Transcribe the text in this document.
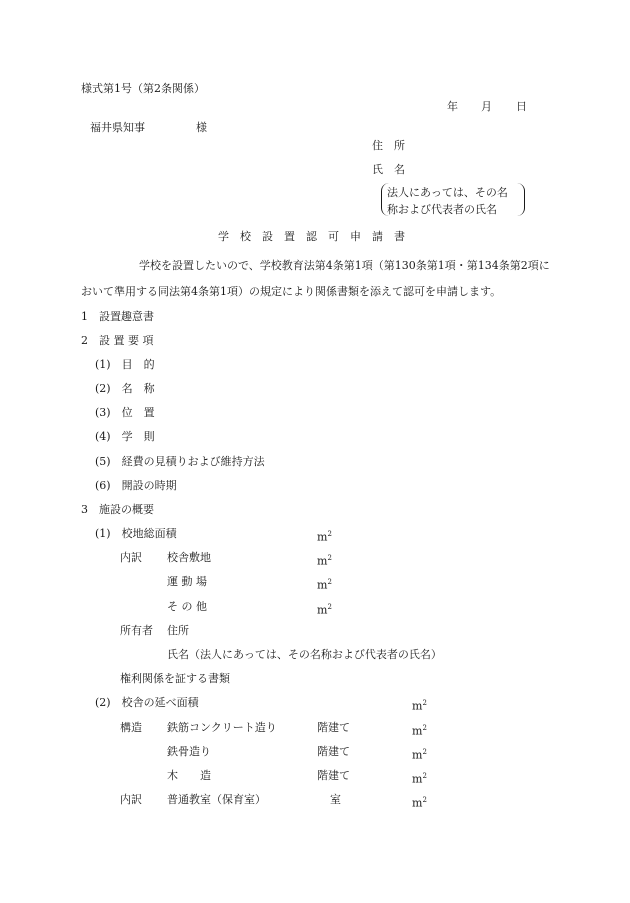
様式第1号（第2条関係）
年 月 日
福井県知事	様
住　所
氏　名
法人にあっては、その名
称および代表者の氏名
学　校　設　置　認　可　申　請　書
学校を設置したいので、学校教育法第4条第1項（第130条第1項・第134条第2項に
おいて準用する同法第4条第1項）の規定により関係書類を添えて認可を申請します。
1　設置趣意書
2　設 置 要 項
(1)　目　的
(2)　名　称
(3)　位　置
(4)　学　則
(5)　経費の見積りおよび維持方法
(6)　開設の時期
3　施設の概要
(1)　校地総面積	$m^2$
内訳 校舎敷地	$m^2$
運 動 場	$m^2$
そ の 他	$m^2$
所有者 住所
氏名（法人にあっては、その名称および代表者の氏名）
権利関係を証する書類
(2)　校舎の延べ面積	$m^2$
構造 鉄筋コンクリート造り	階建て	$m^2$
鉄骨造り	階建て	$m^2$
木　　造	階建て	$m^2$
内訳 普通教室（保育室）	室	$m^2$
